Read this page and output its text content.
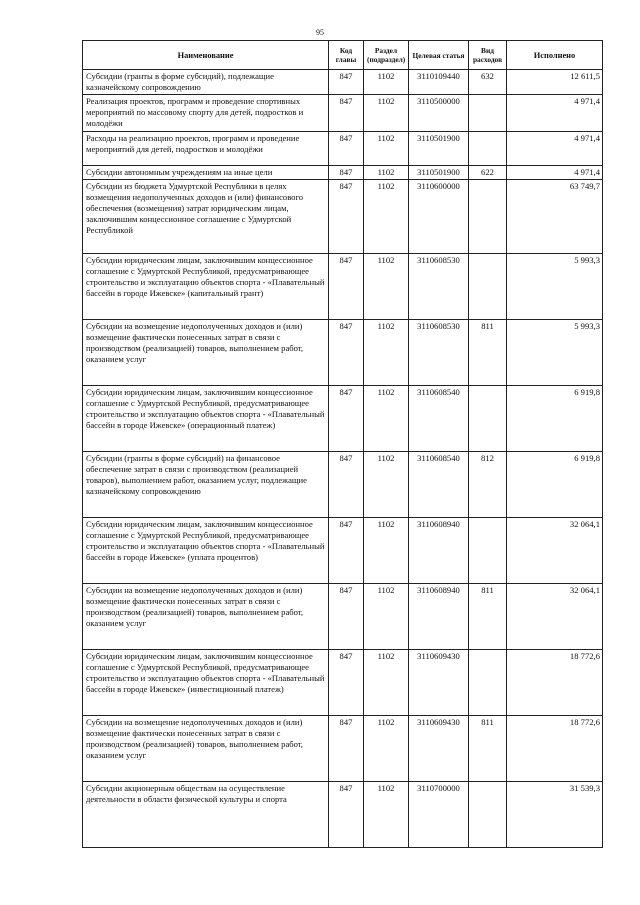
95
Наименование	Код главы	Раздел (подраздел)	Целевая статья	Вид расходов	Исполнено
Субсидии (гранты в форме субсидий), подлежащие казначейскому сопровождению	847	1102	3110109440	632	12 611,5
Реализация проектов, программ и проведение спортивных мероприятий по массовому спорту для детей, подростков и молодёжи	847	1102	3110500000		4 971,4
Расходы на реализацию проектов, программ и проведение мероприятий для детей, подростков и молодёжи	847	1102	3110501900		4 971,4
Субсидии автономным учреждениям на иные цели	847	1102	3110501900	622	4 971,4
Субсидии из бюджета Удмуртской Республики в целях возмещения недополученных доходов и (или) финансового обеспечения (возмещения) затрат юридическим лицам, заключившим концессионное соглашение с Удмуртской Республикой	847	1102	3110600000		63 749,7
Субсидии юридическим лицам, заключившим концессионное соглашение с Удмуртской Республикой, предусматривающее строительство и эксплуатацию объектов спорта - «Плавательный бассейн в городе Ижевске» (капитальный грант)	847	1102	3110608530		5 993,3
Субсидии на возмещение недополученных доходов и (или) возмещение фактически понесенных затрат в связи с производством (реализацией) товаров, выполнением работ, оказанием услуг	847	1102	3110608530	811	5 993,3
Субсидии юридическим лицам, заключившим концессионное соглашение с Удмуртской Республикой, предусматривающее строительство и эксплуатацию объектов спорта - «Плавательный бассейн в городе Ижевске» (операционный платеж)	847	1102	3110608540		6 919,8
Субсидии (гранты в форме субсидий) на финансовое обеспечение затрат в связи с производством (реализацией товаров), выполнением работ, оказанием услуг, подлежащие казначейскому сопровождению	847	1102	3110608540	812	6 919,8
Субсидии юридическим лицам, заключившим концессионное соглашение с Удмуртской Республикой, предусматривающее строительство и эксплуатацию объектов спорта - «Плавательный бассейн в городе Ижевске» (уплата процентов)	847	1102	3110608940		32 064,1
Субсидии на возмещение недополученных доходов и (или) возмещение фактически понесенных затрат в связи с производством (реализацией) товаров, выполнением работ, оказанием услуг	847	1102	3110608940	811	32 064,1
Субсидии юридическим лицам, заключившим концессионное соглашение с Удмуртской Республикой, предусматривающее строительство и эксплуатацию объектов спорта - «Плавательный бассейн в городе Ижевске» (инвестиционный платеж)	847	1102	3110609430		18 772,6
Субсидии на возмещение недополученных доходов и (или) возмещение фактически понесенных затрат в связи с производством (реализацией) товаров, выполнением работ, оказанием услуг	847	1102	3110609430	811	18 772,6
Субсидии акционерным обществам на осуществление деятельности в области физической культуры и спорта	847	1102	3110700000		31 539,3
